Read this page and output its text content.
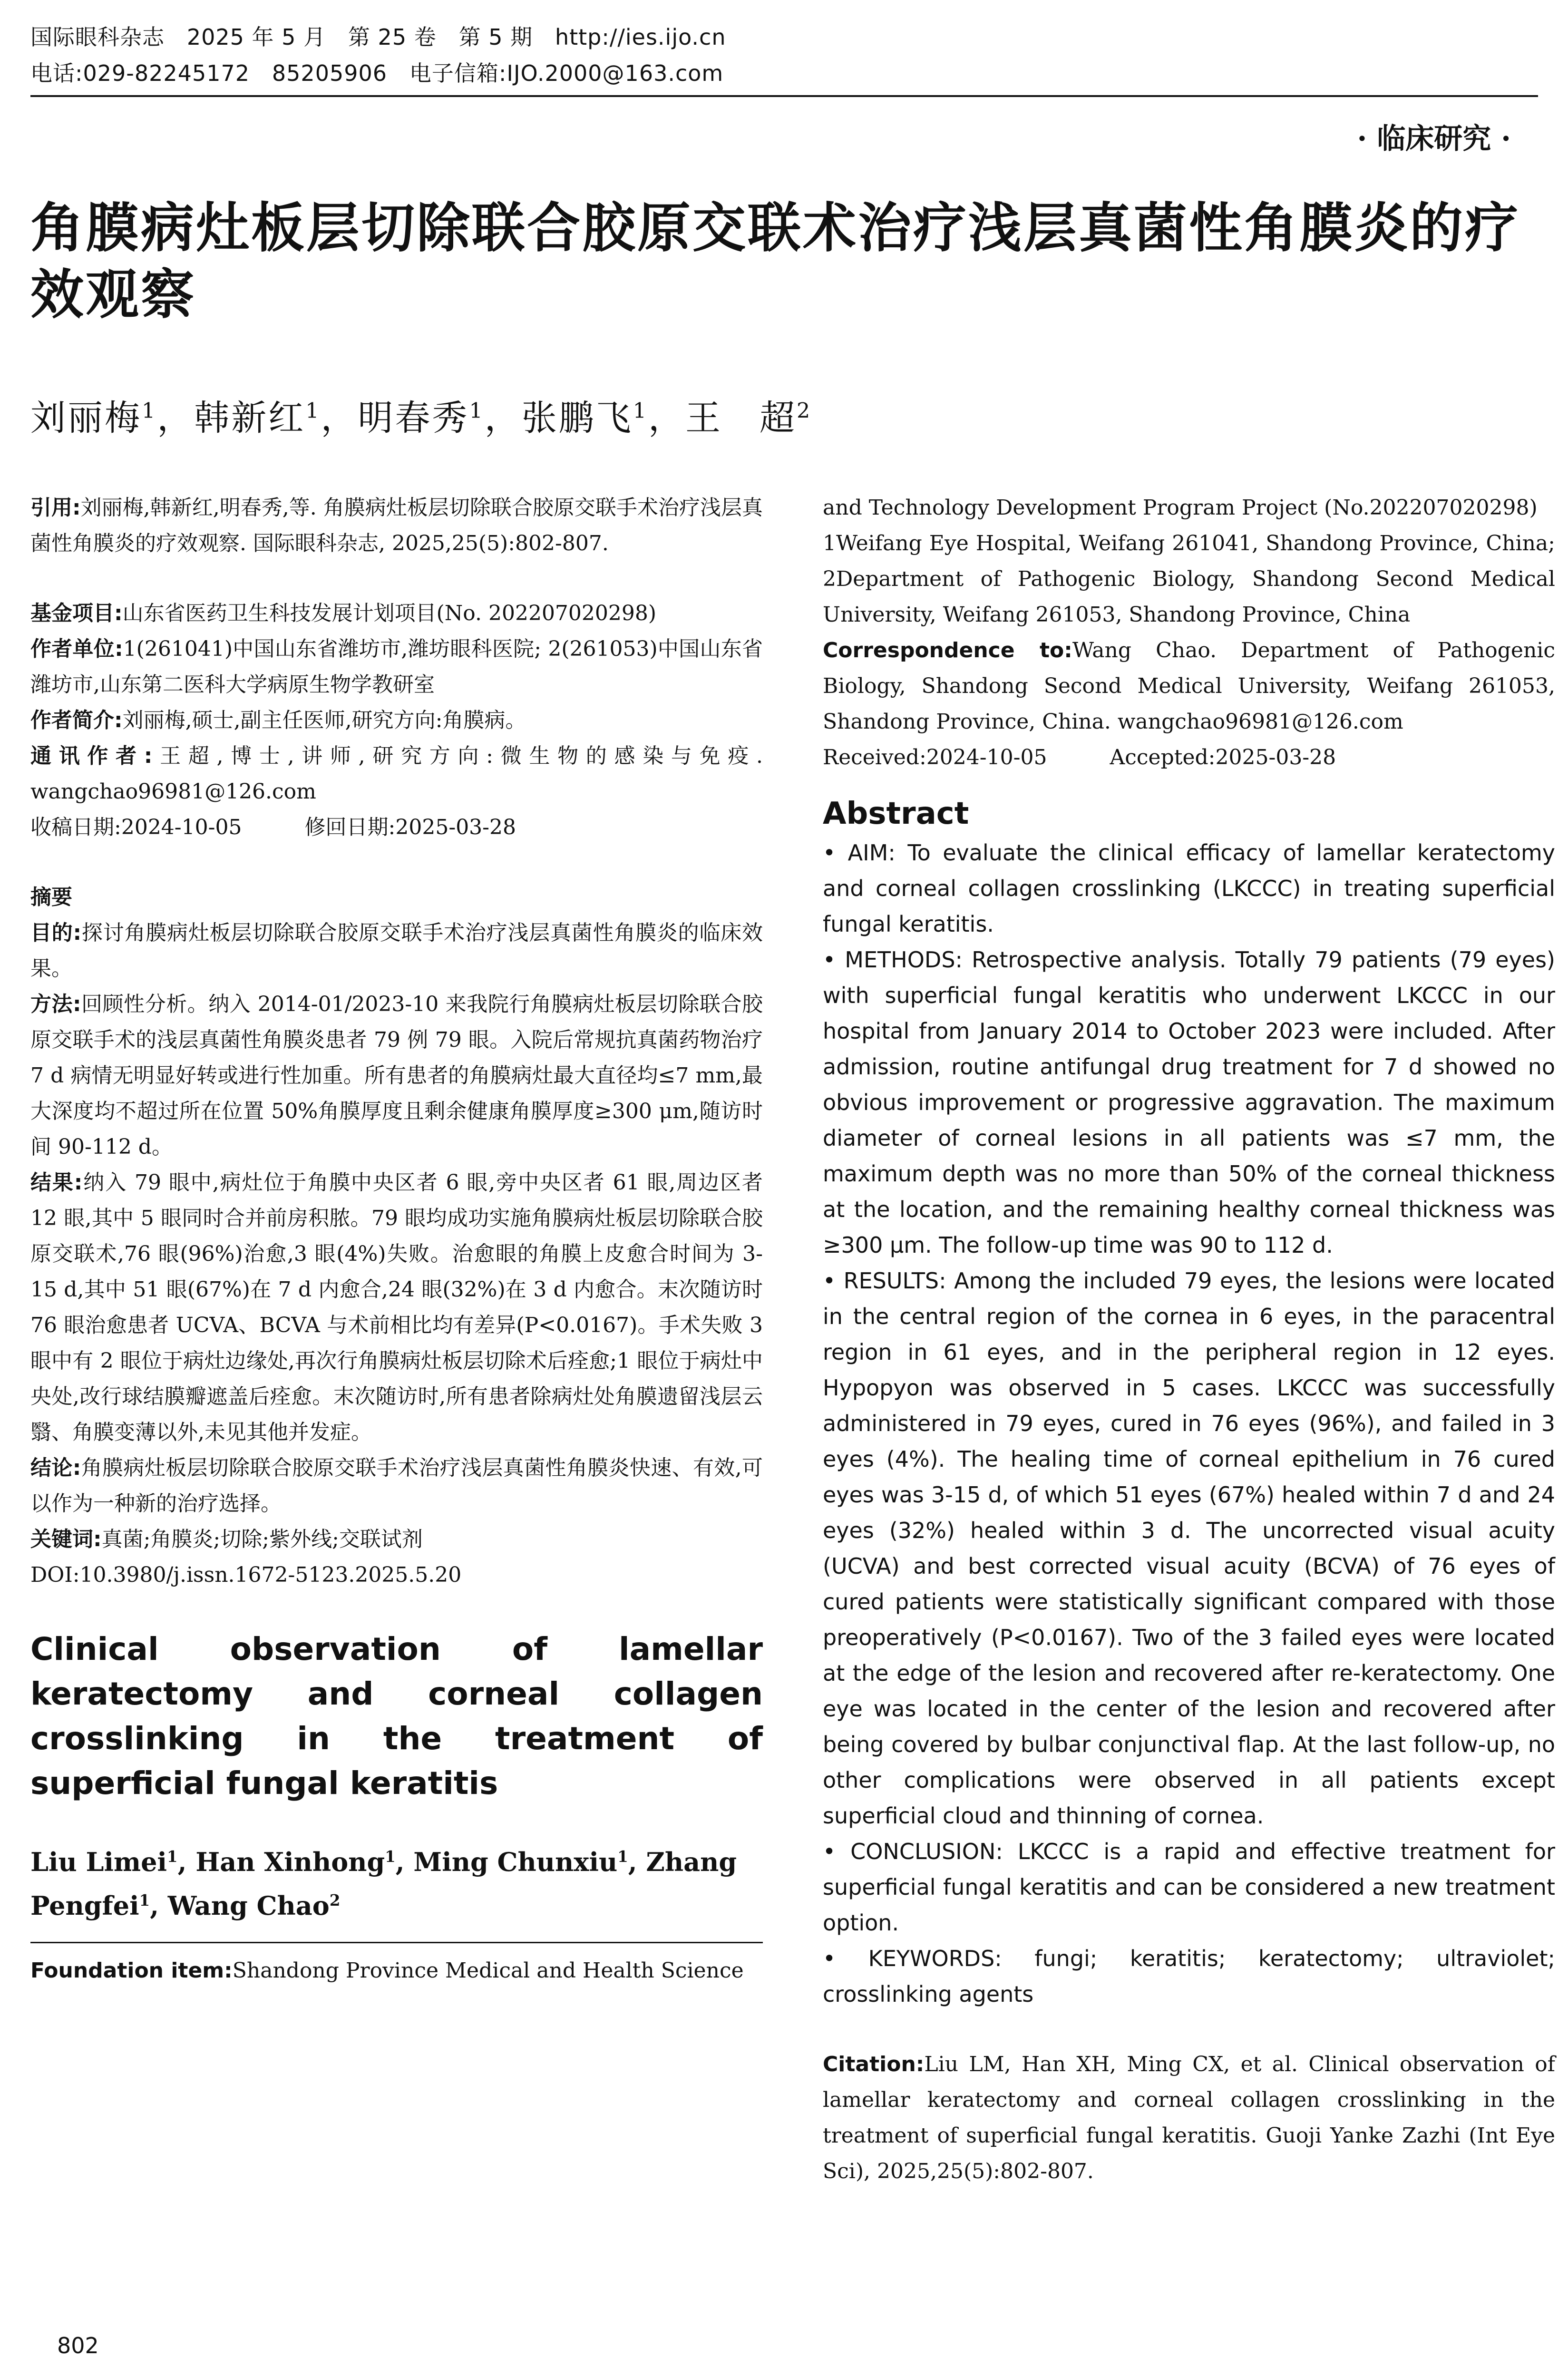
国际眼科杂志   2025 年 5 月   第 25 卷   第 5 期   http://ies.ijo.cn
电话:029-82245172   85205906   电子信箱:IJO.2000@163.com
· 临床研究 ·
角膜病灶板层切除联合胶原交联术治疗浅层真菌性角膜炎的疗效观察
刘丽梅$^1$，韩新红$^1$，明春秀$^1$，张鹏飞$^1$，王　超$^2$

引用:刘丽梅,韩新红,明春秀,等. 角膜病灶板层切除联合胶原交联手术治疗浅层真菌性角膜炎的疗效观察. 国际眼科杂志, 2025,25(5):802-807.

基金项目:山东省医药卫生科技发展计划项目(No. 202207020298)

作者单位:1(261041)中国山东省潍坊市,潍坊眼科医院; 2(261053)中国山东省潍坊市,山东第二医科大学病原生物学教研室

作者简介:刘丽梅,硕士,副主任医师,研究方向:角膜病。

通讯作者:王超,博士,讲师,研究方向:微生物的感染与免疫. wangchao96981@126.com

收稿日期:2024-10-05　　　	修回日期:2025-03-28

摘要

目的:探讨角膜病灶板层切除联合胶原交联手术治疗浅层真菌性角膜炎的临床效果。

方法:回顾性分析。纳入 2014-01/2023-10 来我院行角膜病灶板层切除联合胶原交联手术的浅层真菌性角膜炎患者 79 例 79 眼。入院后常规抗真菌药物治疗 7 d 病情无明显好转或进行性加重。所有患者的角膜病灶最大直径均≤7 mm,最大深度均不超过所在位置 50%角膜厚度且剩余健康角膜厚度≥300 μm,随访时间 90-112 d。

结果:纳入 79 眼中,病灶位于角膜中央区者 6 眼,旁中央区者 61 眼,周边区者 12 眼,其中 5 眼同时合并前房积脓。79 眼均成功实施角膜病灶板层切除联合胶原交联术,76 眼(96%)治愈,3 眼(4%)失败。治愈眼的角膜上皮愈合时间为 3-15 d,其中 51 眼(67%)在 7 d 内愈合,24 眼(32%)在 3 d 内愈合。末次随访时 76 眼治愈患者 UCVA、BCVA 与术前相比均有差异(P<0.0167)。手术失败 3 眼中有 2 眼位于病灶边缘处,再次行角膜病灶板层切除术后痊愈;1 眼位于病灶中央处,改行球结膜瓣遮盖后痊愈。末次随访时,所有患者除病灶处角膜遗留浅层云翳、角膜变薄以外,未见其他并发症。

结论:角膜病灶板层切除联合胶原交联手术治疗浅层真菌性角膜炎快速、有效,可以作为一种新的治疗选择。

关键词:真菌;角膜炎;切除;紫外线;交联试剂

DOI:10.3980/j.issn.1672-5123.2025.5.20

Clinical observation of lamellar keratectomy and corneal collagen crosslinking in the treatment of superficial fungal keratitis

Liu Limei$^1$, Han Xinhong$^1$, Ming Chunxiu$^1$, Zhang Pengfei$^1$, Wang Chao$^2$

Foundation item:Shandong Province Medical and Health Science

and Technology Development Program Project (No.202207020298)

1Weifang Eye Hospital, Weifang 261041, Shandong Province, China; 2Department of Pathogenic Biology, Shandong Second Medical University, Weifang 261053, Shandong Province, China

Correspondence to:Wang Chao. Department of Pathogenic Biology, Shandong Second Medical University, Weifang 261053, Shandong Province, China. wangchao96981@126.com

Received:2024-10-05　　　	Accepted:2025-03-28

Abstract

• AIM: To evaluate the clinical efficacy of lamellar keratectomy and corneal collagen crosslinking (LKCCC) in treating superficial fungal keratitis.

• METHODS: Retrospective analysis. Totally 79 patients (79 eyes) with superficial fungal keratitis who underwent LKCCC in our hospital from January 2014 to October 2023 were included. After admission, routine antifungal drug treatment for 7 d showed no obvious improvement or progressive aggravation. The maximum diameter of corneal lesions in all patients was ≤7 mm, the maximum depth was no more than 50% of the corneal thickness at the location, and the remaining healthy corneal thickness was ≥300 μm. The follow-up time was 90 to 112 d.

• RESULTS: Among the included 79 eyes, the lesions were located in the central region of the cornea in 6 eyes, in the paracentral region in 61 eyes, and in the peripheral region in 12 eyes. Hypopyon was observed in 5 cases. LKCCC was successfully administered in 79 eyes, cured in 76 eyes (96%), and failed in 3 eyes (4%). The healing time of corneal epithelium in 76 cured eyes was 3-15 d, of which 51 eyes (67%) healed within 7 d and 24 eyes (32%) healed within 3 d. The uncorrected visual acuity (UCVA) and best corrected visual acuity (BCVA) of 76 eyes of cured patients were statistically significant compared with those preoperatively (P<0.0167). Two of the 3 failed eyes were located at the edge of the lesion and recovered after re-keratectomy. One eye was located in the center of the lesion and recovered after being covered by bulbar conjunctival flap. At the last follow-up, no other complications were observed in all patients except superficial cloud and thinning of cornea.

• CONCLUSION: LKCCC is a rapid and effective treatment for superficial fungal keratitis and can be considered a new treatment option.

• KEYWORDS: fungi; keratitis; keratectomy; ultraviolet; crosslinking agents

Citation:Liu LM, Han XH, Ming CX, et al. Clinical observation of lamellar keratectomy and corneal collagen crosslinking in the treatment of superficial fungal keratitis. Guoji Yanke Zazhi (Int Eye Sci), 2025,25(5):802-807.

802
